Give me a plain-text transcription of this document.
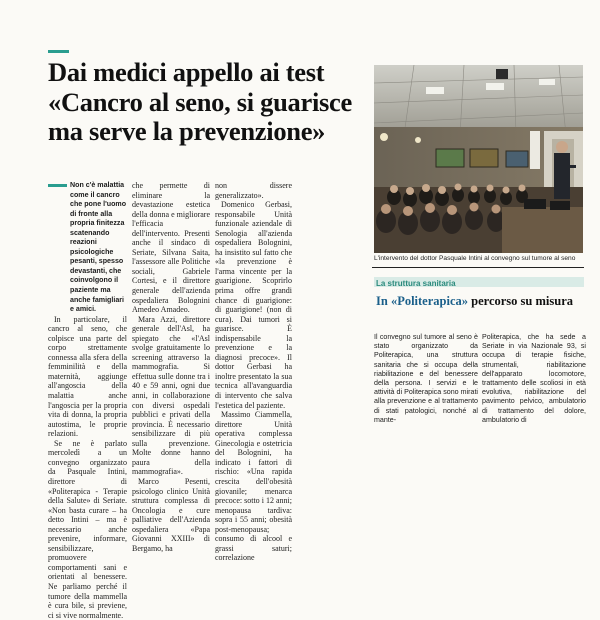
Dai medici appello ai test
«Cancro al seno, si guarisce
ma serve la prevenzione»

Non c'è malattia come il cancro che pone l'uomo di fronte alla propria finitezza scatenando reazioni psicologiche pesanti, spesso devastanti, che coinvolgono il paziente ma anche famigliari e amici.

In particolare, il cancro al seno, che colpisce una parte del corpo strettamente connessa alla sfera della femminilità e della maternità, aggiunge all'angoscia della malattia anche l'angoscia per la propria vita di donna, la propria autostima, le proprie relazioni.

Se ne è parlato mercoledì a un convegno organizzato da Pasquale Intini, direttore di «Politerapica - Terapie della Salute» di Seriate. «Non basta curare – ha detto Intini – ma è necessario anche prevenire, informare, sensibilizzare, promuovere comportamenti sani e orientati al benessere. Ne parliamo perché il tumore della mammella è cura bile, si previene, ci si vive normalmente.

che permette di eliminare la devastazione estetica della donna e migliorare l'efficacia dell'intervento. Presenti anche il sindaco di Seriate, Silvana Saita, l'assessore alle Politiche sociali, Gabriele Cortesi, e il direttore generale dell'azienda ospedaliera Bolognini Amedeo Amadeo.

Mara Azzi, direttore generale dell'Asl, ha spiegato che «l'Asl svolge gratuitamente lo screening attraverso la mammografia. Si effettua sulle donne tra i 40 e 59 anni, ogni due anni, in collaborazione con diversi ospedali pubblici e privati della provincia. È necessario sensibilizzare di più sulla prevenzione. Molte donne hanno paura della mammografia».

Marco Pesenti, psicologo clinico Unità struttura complessa di Oncologia e cure palliative dell'Azienda ospedaliera «Papa Giovanni XXIII» di Bergamo, ha

non dissere generalizzato».

Domenico Gerbasi, responsabile Unità funzionale aziendale di Senologia all'azienda ospedaliera Bolognini, ha insistito sul fatto che «la prevenzione è l'arma vincente per la guarigione. Scoprirlo prima offre grandi chance di guarigione: di guarigione! (non di cura). Dai tumori si guarisce. È indispensabile la prevenzione e la diagnosi precoce». Il dottor Gerbasi ha inoltre presentato la sua tecnica all'avanguardia di intervento che salva l'estetica del paziente.

Massimo Ciammella, direttore Unità operativa complessa Ginecologia e ostetricia del Bolognini, ha indicato i fattori di rischio: «Una rapida crescita dell'obesità giovanile; menarca precoce: sotto i 12 anni; menopausa tardiva: sopra i 55 anni; obesità post-menopausa; consumo di alcool e grassi saturi; correlazione

L'intervento del dottor Pasquale Intini al convegno sul tumore al seno
La struttura sanitaria
In «Politerapica» percorso su misura

Il convegno sul tumore al seno è stato organizzato da Politerapica, una struttura sanitaria che si occupa della riabilitazione e del benessere della persona. I servizi e le attività di Politerapica sono mirati alla prevenzione e al trattamento di stati patologici, nonché al mante-

Politerapica, che ha sede a Seriate in via Nazionale 93, si occupa di terapie fisiche, strumentali, riabilitazione dell'apparato locomotore, trattamento delle scoliosi in età evolutiva, riabilitazione del pavimento pelvico, ambulatorio di trattamento del dolore, ambulatorio di
